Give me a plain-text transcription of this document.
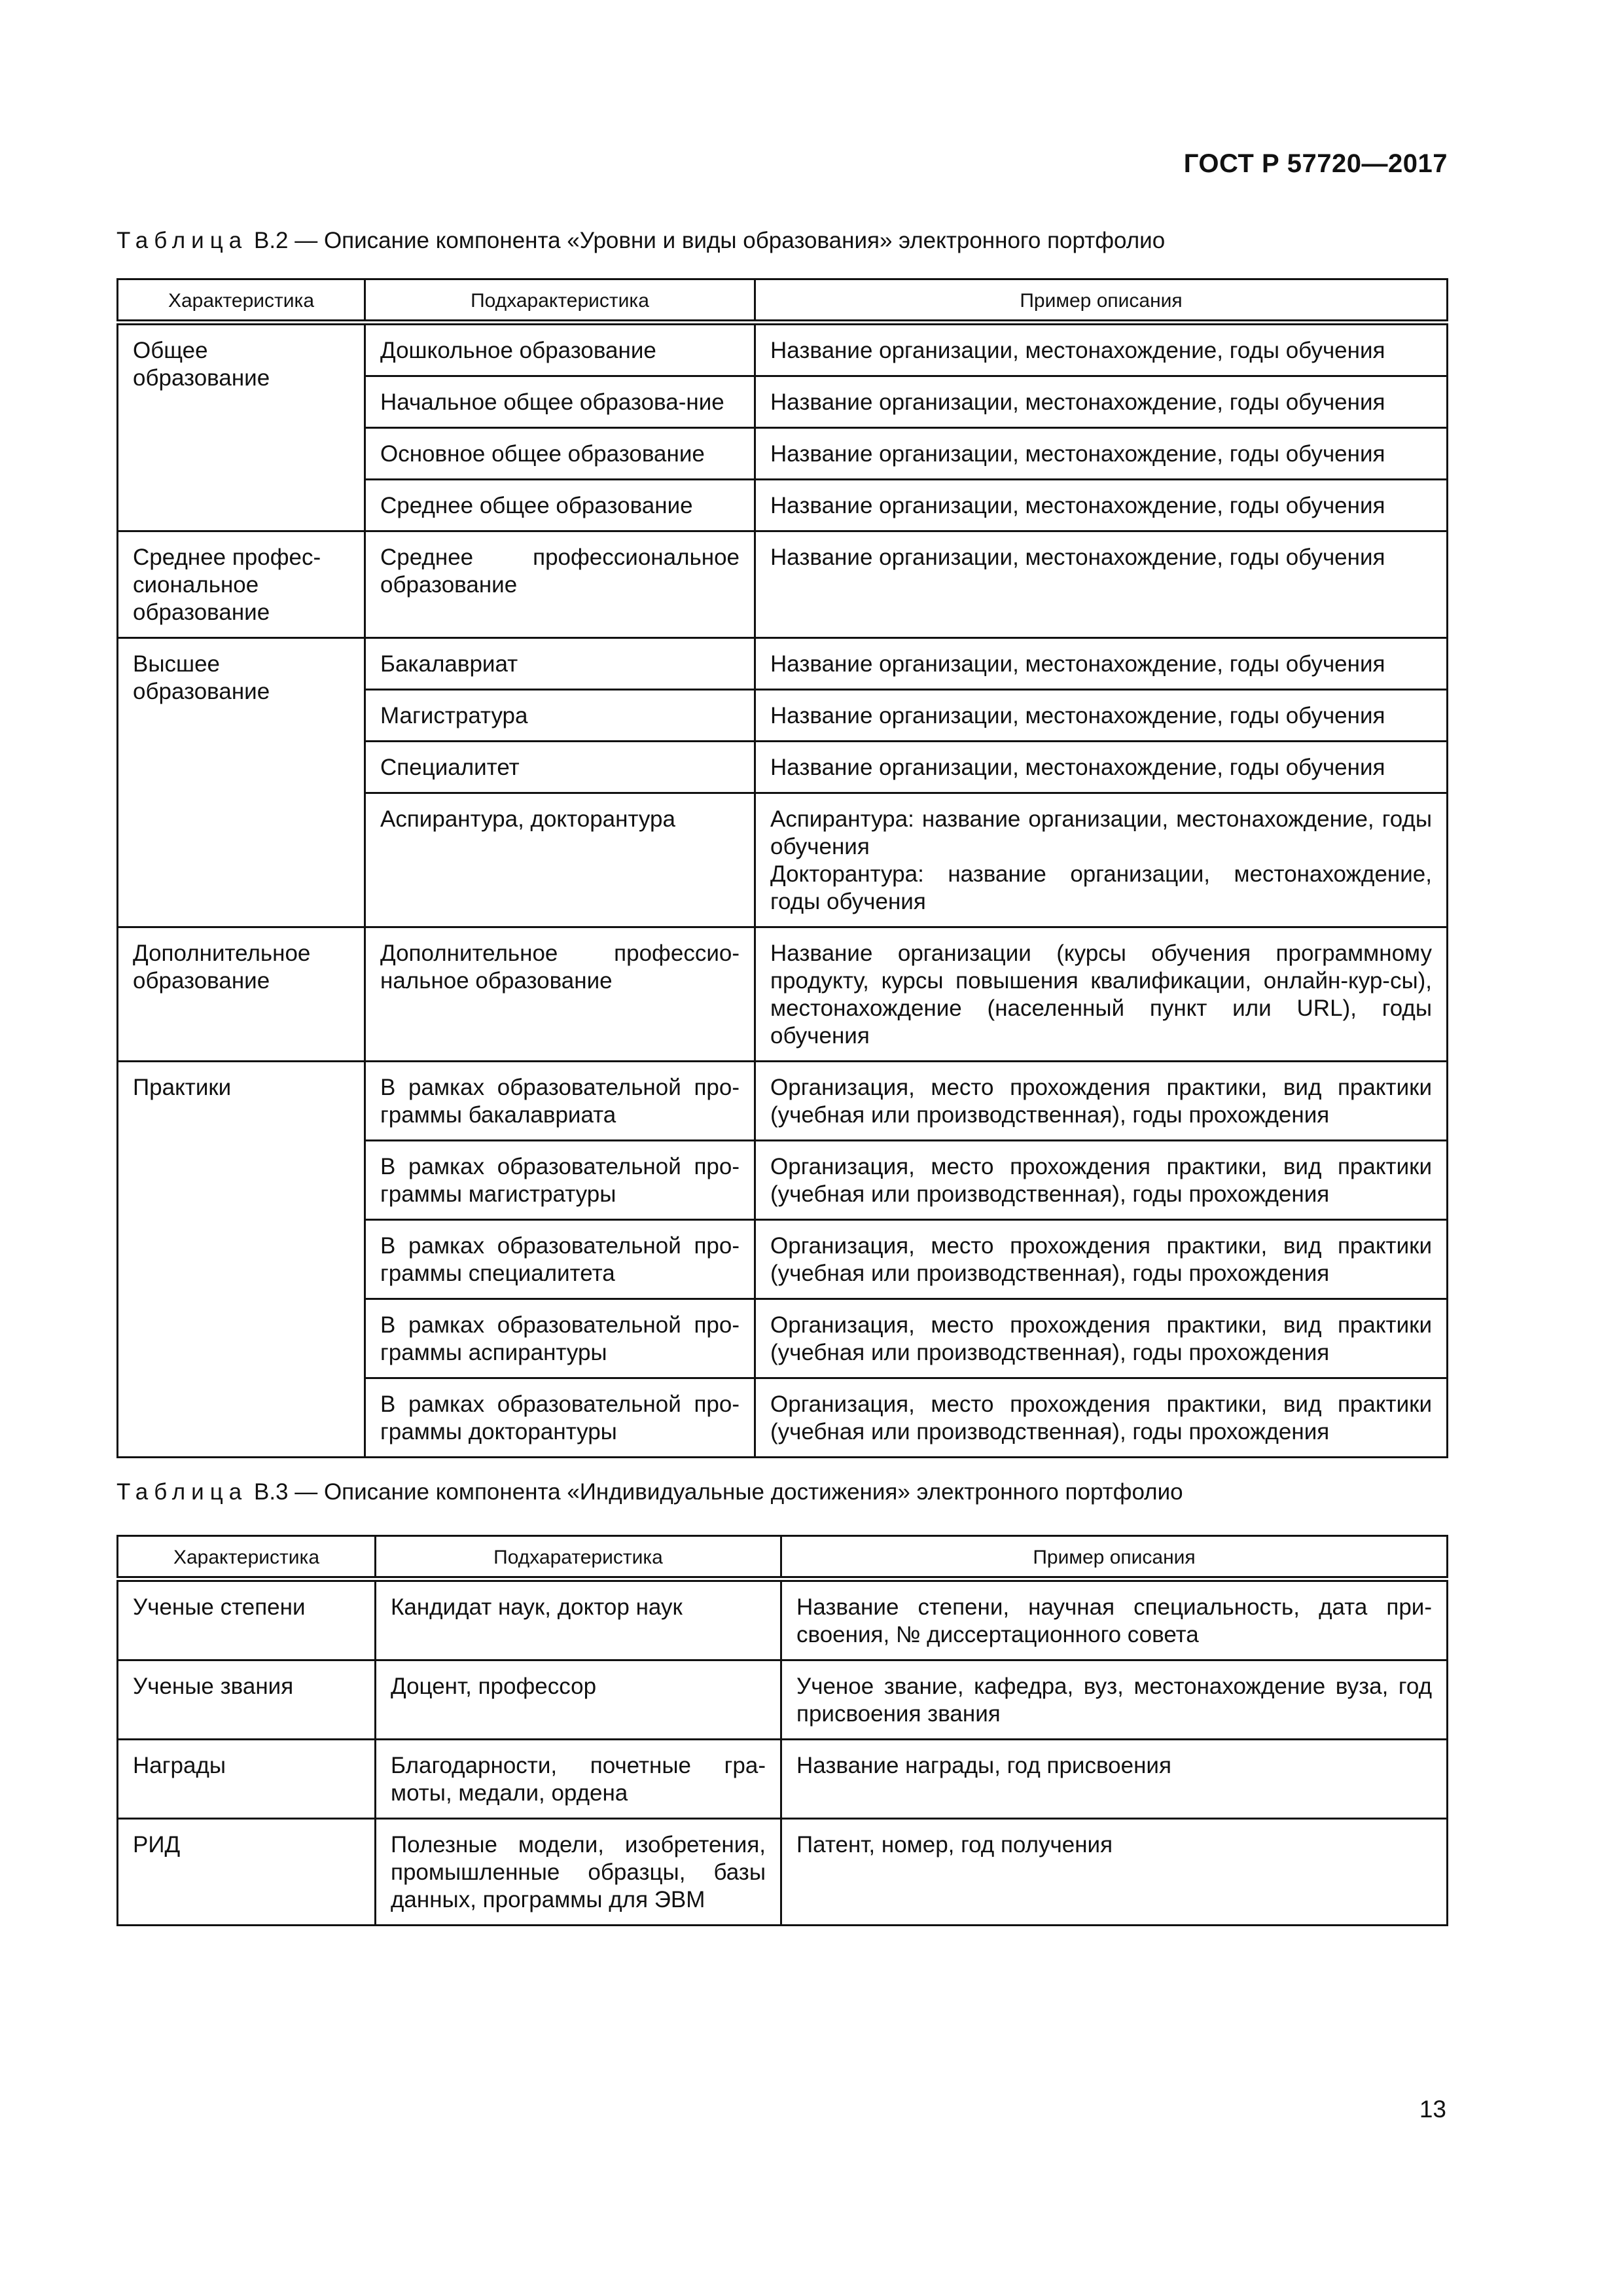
ГОСТ Р 57720—2017
Таблица В.2 — Описание компонента «Уровни и виды образования» электронного портфолио
Характеристика	Подхарактеристика	Пример описания
Общее образование	Дошкольное образование	Название организации, местонахождение, годы обучения
	Начальное общее образова-ние	Название организации, местонахождение, годы обучения
	Основное общее образование	Название организации, местонахождение, годы обучения
	Среднее общее образование	Название организации, местонахождение, годы обучения
Среднее профес-сиональное образование	Среднее профессиональное образование	Название организации, местонахождение, годы обучения
Высшее образование	Бакалавриат	Название организации, местонахождение, годы обучения
	Магистратура	Название организации, местонахождение, годы обучения
	Специалитет	Название организации, местонахождение, годы обучения
	Аспирантура, докторантура	Аспирантура: название организации, местонахождение, годы обучения
Докторантура: название организации, местонахождение, годы обучения

Дополнительное образование	Дополнительное профессио-нальное образование	Название организации (курсы обучения программному продукту, курсы повышения квалификации, онлайн-кур-сы), местонахождение (населенный пункт или URL), годы обучения
Практики	В рамках образовательной про-граммы бакалавриата	Организация, место прохождения практики, вид практики (учебная или производственная), годы прохождения
	В рамках образовательной про-граммы магистратуры	Организация, место прохождения практики, вид практики (учебная или производственная), годы прохождения
	В рамках образовательной про-граммы специалитета	Организация, место прохождения практики, вид практики (учебная или производственная), годы прохождения
	В рамках образовательной про-граммы аспирантуры	Организация, место прохождения практики, вид практики (учебная или производственная), годы прохождения
	В рамках образовательной про-граммы докторантуры	Организация, место прохождения практики, вид практики (учебная или производственная), годы прохождения
Таблица В.3 — Описание компонента «Индивидуальные достижения» электронного портфолио
Характеристика	Подхаратеристика	Пример описания
Ученые степени	Кандидат наук, доктор наук	Название степени, научная специальность, дата при-своения, № диссертационного совета
Ученые звания	Доцент, профессор	Ученое звание, кафедра, вуз, местонахождение вуза, год присвоения звания
Награды	Благодарности, почетные гра-моты, медали, ордена	Название награды, год присвоения
РИД	Полезные модели, изобретения, промышленные образцы, базы данных, программы для ЭВМ	Патент, номер, год получения
13
